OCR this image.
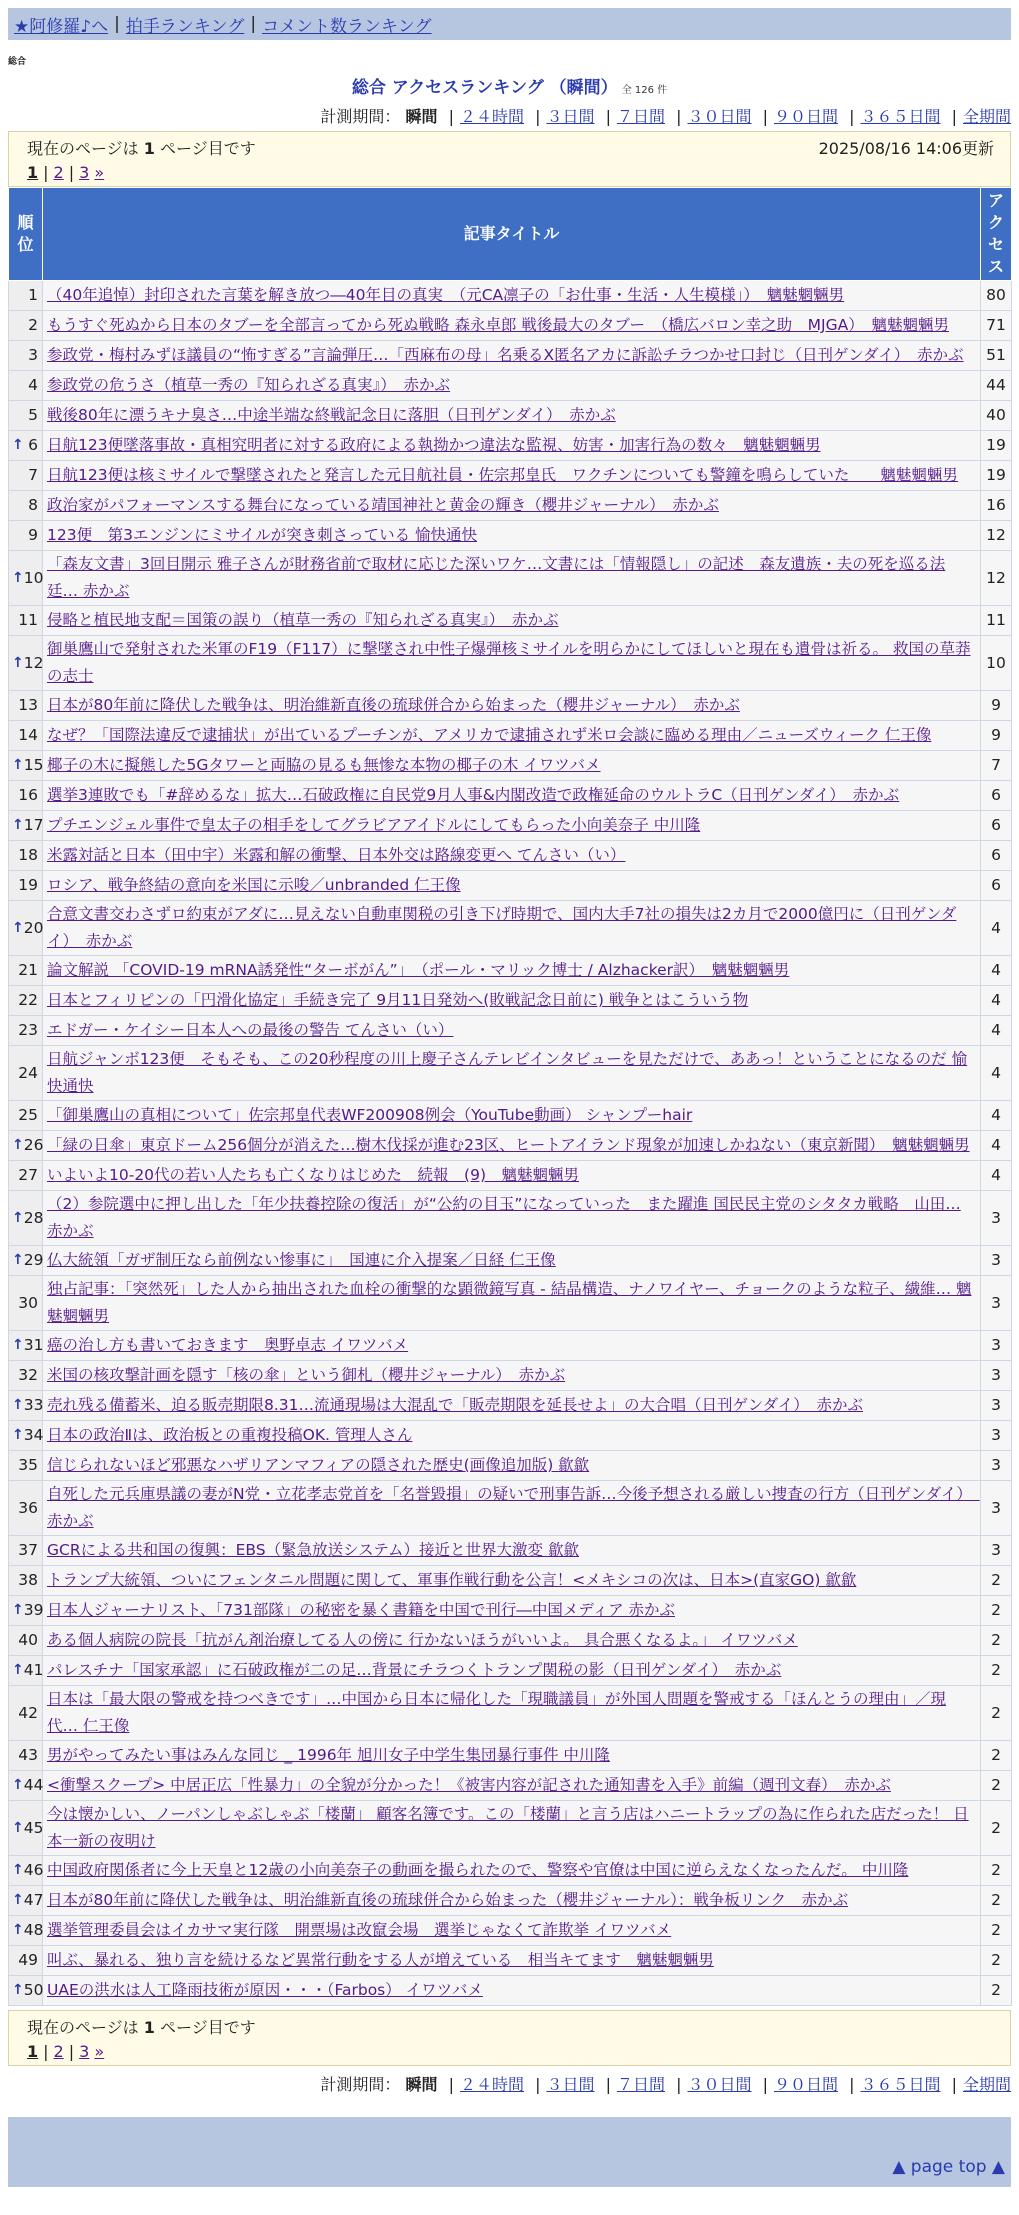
★阿修羅♪へ | 拍手ランキング | コメント数ランキング
総合
総合 アクセスランキング （瞬間） 全 126 件
計測期間： 瞬間 | ２４時間 | ３日間 | ７日間 | ３０日間 | ９０日間 | ３６５日間 | 全期間
現在のページは 1 ページ目です	2025/08/16 14:06更新
1 | 2 | 3 »
順位	記事タイトル	アクセス
1	（40年追悼）封印された言葉を解き放つ―40年目の真実　（元CA凛子の「お仕事・生活・人生模様」）　魑魅魍魎男	80
2	もうすぐ死ぬから日本のタブーを全部言ってから死ぬ戦略 森永卓郎 戦後最大のタブー　（橋広バロン幸之助　MJGA）　魑魅魍魎男	71
3	参政党・梅村みずほ議員の“怖すぎる”言論弾圧…「西麻布の母」名乗るX匿名アカに訴訟チラつかせ口封じ（日刊ゲンダイ）　赤かぶ	51
4	参政党の危うさ（植草一秀の『知られざる真実』）　赤かぶ	44
5	戦後80年に漂うキナ臭さ…中途半端な終戦記念日に落胆（日刊ゲンダイ）　赤かぶ	40

↑ 6	日航123便墜落事故・真相究明者に対する政府による執拗かつ違法な監視、妨害・加害行為の数々　魑魅魍魎男	19
7	日航123便は核ミサイルで撃墜されたと発言した元日航社員・佐宗邦皇氏　ワクチンについても警鐘を鳴らしていた　　魑魅魍魎男	19
8	政治家がパフォーマンスする舞台になっている靖国神社と黄金の輝き（櫻井ジャーナル）　赤かぶ	16
9	123便　第3エンジンにミサイルが突き刺さっている 愉快通快	12

↑ 10	「森友文書」3回目開示 雅子さんが財務省前で取材に応じた深いワケ…文書には「情報隠し」の記述　森友遺族・夫の死を巡る法廷… 赤かぶ	12
11	侵略と植民地支配＝国策の誤り（植草一秀の『知られざる真実』）　赤かぶ	11

↑ 12	御巣鷹山で発射された米軍のF19（F117）に撃墜され中性子爆弾核ミサイルを明らかにしてほしいと現在も遺骨は祈る。 救国の草莽の志士	10
13	日本が80年前に降伏した戦争は、明治維新直後の琉球併合から始まった（櫻井ジャーナル）　赤かぶ	9
14	なぜ？「国際法違反で逮捕状」が出ているプーチンが、アメリカで逮捕されず米ロ会談に臨める理由／ニューズウィーク 仁王像	9

↑ 15	椰子の木に擬態した5Gタワーと両脇の見るも無惨な本物の椰子の木 イワツバメ	7
16	選挙3連敗でも「#辞めるな」拡大…石破政権に自民党9月人事&内閣改造で政権延命のウルトラC（日刊ゲンダイ）　赤かぶ	6

↑ 17	プチエンジェル事件で皇太子の相手をしてグラビアアイドルにしてもらった小向美奈子 中川隆	6
18	米露対話と日本（田中宇）米露和解の衝撃、日本外交は路線変更へ てんさい（い）	6
19	ロシア、戦争終結の意向を米国に示唆／unbranded 仁王像	6

↑ 20	合意文書交わさずロ約束がアダに…見えない自動車関税の引き下げ時期で、国内大手7社の損失は2カ月で2000億円に（日刊ゲンダイ）　赤かぶ	4
21	論文解説 「COVID-19 mRNA誘発性“ターボがん”」　（ポール・マリック博士 / Alzhacker訳）　魑魅魍魎男	4
22	日本とフィリピンの「円滑化協定」手続き完了 9月11日発効へ(敗戦記念日前に) 戦争とはこういう物	4
23	エドガー・ケイシー日本人への最後の警告 てんさい（い）	4
24	日航ジャンボ123便　そもそも、この20秒程度の川上慶子さんテレビインタビューを見ただけで、ああっ！ということになるのだ 愉快通快	4
25	「御巣鷹山の真相について」佐宗邦皇代表WF200908例会（YouTube動画） シャンプーhair	4

↑ 26	「緑の日傘」東京ドーム256個分が消えた…樹木伐採が進む23区、ヒートアイランド現象が加速しかねない（東京新聞）　魑魅魍魎男	4
27	いよいよ10-20代の若い人たちも亡くなりはじめた　続報　(9)　魑魅魍魎男	4

↑ 28	（2）参院選中に押し出した「年少扶養控除の復活」が“公約の目玉”になっていった　また躍進 国民民主党のシタタカ戦略　山田… 赤かぶ	3

↑ 29	仏大統領「ガザ制圧なら前例ない惨事に」　国連に介入提案／日経 仁王像	3
30	独占記事：「突然死」した人から抽出された血栓の衝撃的な顕微鏡写真 - 結晶構造、ナノワイヤー、チョークのような粒子、繊維… 魑魅魍魎男	3

↑ 31	癌の治し方も書いておきます　奥野卓志 イワツバメ	3
32	米国の核攻撃計画を隠す「核の傘」という御札（櫻井ジャーナル）　赤かぶ	3

↑ 33	売れ残る備蓄米、迫る販売期限8.31…流通現場は大混乱で「販売期限を延長せよ」の大合唱（日刊ゲンダイ）　赤かぶ	3

↑ 34	日本の政治Ⅱは、政治板との重複投稿OK. 管理人さん	3
35	信じられないほど邪悪なハザリアンマフィアの隠された歴史(画像追加版) 歙歙	3
36	自死した元兵庫県議の妻がN党・立花孝志党首を「名誉毀損」の疑いで刑事告訴…今後予想される厳しい捜査の行方（日刊ゲンダイ）　赤かぶ	3
37	GCRによる共和国の復興：EBS（緊急放送システム）接近と世界大激変 歙歙	3
38	トランプ大統領、ついにフェンタニル問題に関して、軍事作戦行動を公言！<メキシコの次は、日本>(直家GO) 歙歙	2

↑ 39	日本人ジャーナリスト、「731部隊」の秘密を暴く書籍を中国で刊行―中国メディア 赤かぶ	2
40	ある個人病院の院長「抗がん剤治療してる人の傍に 行かないほうがいいよ。 具合悪くなるよ。」 イワツバメ	2

↑ 41	パレスチナ「国家承認」に石破政権が二の足…背景にチラつくトランプ関税の影（日刊ゲンダイ）　赤かぶ	2
42	日本は「最大限の警戒を持つべきです」…中国から日本に帰化した「現職議員」が外国人問題を警戒する「ほんとうの理由」／現代… 仁王像	2
43	男がやってみたい事はみんな同じ _ 1996年 旭川女子中学生集団暴行事件 中川隆	2

↑ 44	<衝撃スクープ> 中居正広「性暴力」の全貌が分かった！《被害内容が記された通知書を入手》前編（週刊文春）　赤かぶ	2

↑ 45	今は懐かしい、ノーパンしゃぶしゃぶ「楼蘭」 顧客名簿です。この「楼蘭」と言う店はハニートラップの為に作られた店だった！ 日本一新の夜明け	2

↑ 46	中国政府関係者に今上天皇と12歳の小向美奈子の動画を撮られたので、警察や官僚は中国に逆らえなくなったんだ。 中川隆	2

↑ 47	日本が80年前に降伏した戦争は、明治維新直後の琉球併合から始まった（櫻井ジャーナル）：戦争板リンク　赤かぶ	2

↑ 48	選挙管理委員会はイカサマ実行隊　開票場は改竄会場　選挙じゃなくて詐欺挙 イワツバメ	2
49	叫ぶ、暴れる、独り言を続けるなど異常行動をする人が増えている　相当キてます　魑魅魍魎男	2

↑ 50	UAEの洪水は人工降雨技術が原因・・・（Farbos） イワツバメ	2
現在のページは 1 ページ目です
1 | 2 | 3 »
計測期間： 瞬間 | ２４時間 | ３日間 | ７日間 | ３０日間 | ９０日間 | ３６５日間 | 全期間
▲ page top ▲
